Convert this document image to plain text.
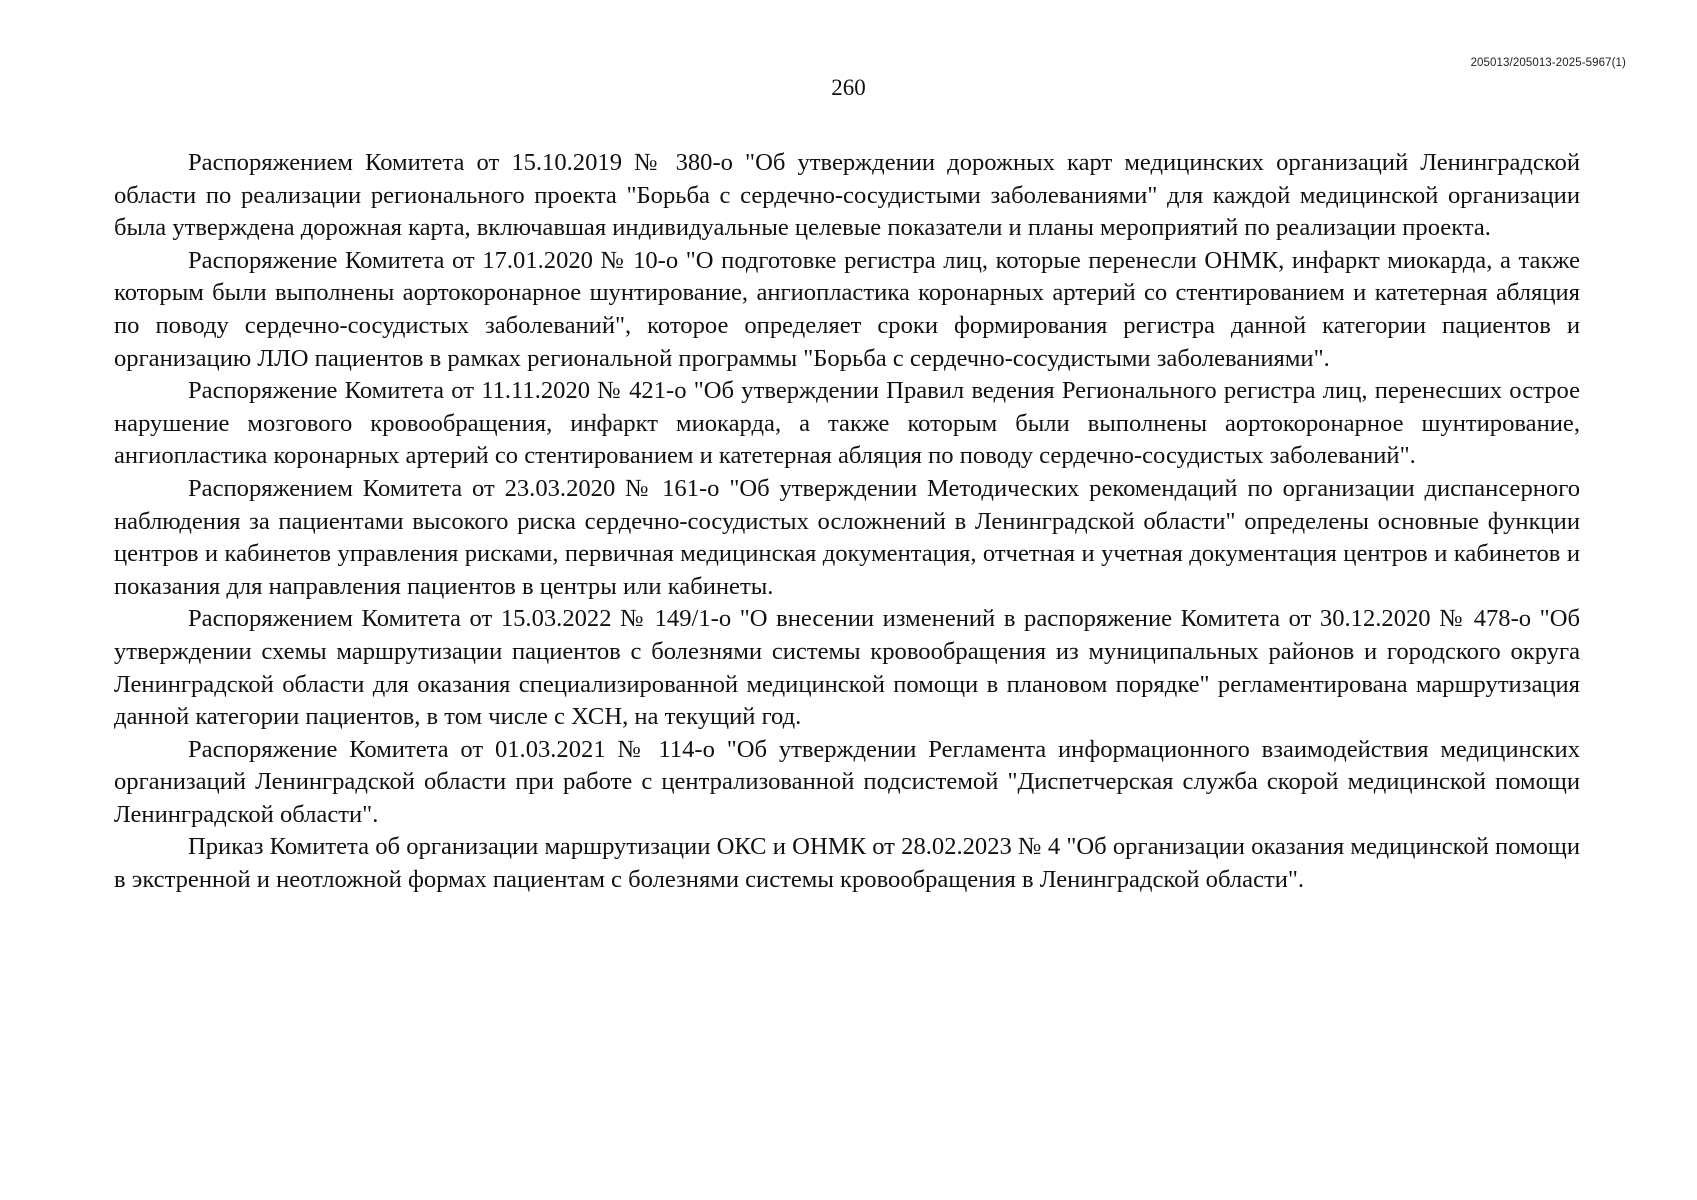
205013/205013-2025-5967(1)
260

Распоряжением Комитета от 15.10.2019 № 380-о "Об утверждении дорожных карт медицинских организаций Ленинградской области по реализации регионального проекта "Борьба с сердечно-сосудистыми заболеваниями" для каждой медицинской организации была утверждена дорожная карта, включавшая индивидуальные целевые показатели и планы мероприятий по реализации проекта.

Распоряжение Комитета от 17.01.2020 № 10-о "О подготовке регистра лиц, которые перенесли ОНМК, инфаркт миокарда, а также которым были выполнены аортокоронарное шунтирование, ангиопластика коронарных артерий со стентированием и катетерная абляция по поводу сердечно-сосудистых заболеваний", которое определяет сроки формирования регистра данной категории пациентов и организацию ЛЛО пациентов в рамках региональной программы "Борьба с сердечно-сосудистыми заболеваниями".

Распоряжение Комитета от 11.11.2020 № 421-о "Об утверждении Правил ведения Регионального регистра лиц, перенесших острое нарушение мозгового кровообращения, инфаркт миокарда, а также которым были выполнены аортокоронарное шунтирование, ангиопластика коронарных артерий со стентированием и катетерная абляция по поводу сердечно-сосудистых заболеваний".

Распоряжением Комитета от 23.03.2020 № 161-о "Об утверждении Методических рекомендаций по организации диспансерного наблюдения за пациентами высокого риска сердечно-сосудистых осложнений в Ленинградской области" определены основные функции центров и кабинетов управления рисками, первичная медицинская документация, отчетная и учетная документация центров и кабинетов и показания для направления пациентов в центры или кабинеты.

Распоряжением Комитета от 15.03.2022 № 149/1-о "О внесении изменений в распоряжение Комитета от 30.12.2020 № 478-о "Об утверждении схемы маршрутизации пациентов с болезнями системы кровообращения из муниципальных районов и городского округа Ленинградской области для оказания специализированной медицинской помощи в плановом порядке" регламентирована маршрутизация данной категории пациентов, в том числе с ХСН, на текущий год.

Распоряжение Комитета от 01.03.2021 № 114-о "Об утверждении Регламента информационного взаимодействия медицинских организаций Ленинградской области при работе с централизованной подсистемой "Диспетчерская служба скорой медицинской помощи Ленинградской области".

Приказ Комитета об организации маршрутизации ОКС и ОНМК от 28.02.2023 № 4 "Об организации оказания медицинской помощи в экстренной и неотложной формах пациентам с болезнями системы кровообращения в Ленинградской области".
